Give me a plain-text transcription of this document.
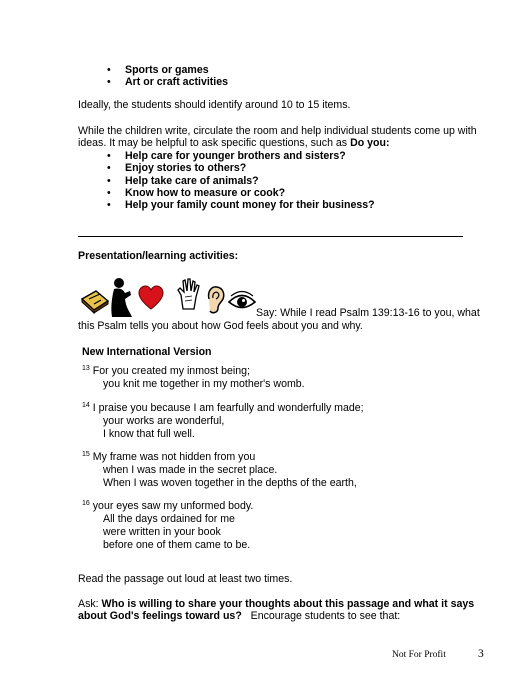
• Sports or games
• Art or craft activities
Ideally, the students should identify around 10 to 15 items.
While the children write, circulate the room and help individual students come up with
ideas. It may be helpful to ask specific questions, such as Do you:
• Help care for younger brothers and sisters?
• Enjoy stories to others?
• Help take care of animals?
• Know how to measure or cook?
• Help your family count money for their business?
Presentation/learning activities:
Say: While I read Psalm 139:13-16 to you, what
this Psalm tells you about how God feels about you and why.
New International Version
$^{13}$ For you created my inmost being;
you knit me together in my mother's womb.
$^{14}$ I praise you because I am fearfully and wonderfully made;
your works are wonderful,
I know that full well.
$^{15}$ My frame was not hidden from you
when I was made in the secret place.
When I was woven together in the depths of the earth,
$^{16}$ your eyes saw my unformed body.
All the days ordained for me
were written in your book
before one of them came to be.
Read the passage out loud at least two times.
Ask: Who is willing to share your thoughts about this passage and what it says
about God's feelings toward us?   Encourage students to see that:
Not For Profit	3
